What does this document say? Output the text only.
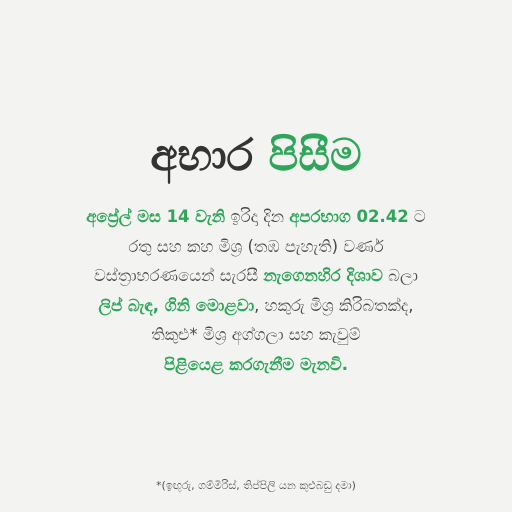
අභාර පිසීම
අප්‍රේල් මස 14 වැනි ඉරිදා දින අපරභාග 02.42 ට
රතු සහ කහ මිශ්‍ර (තඹ පැහැති) වර්ණ
වස්ත්‍රාභරණයෙන් සැරසී නැගෙනහිර දිශාව බලා
ලිප් බැඳ, ගිනි මොළවා, හකුරු මිශ්‍ර කිරිබතක්ද,
තිකුළු* මිශ්‍ර අග්ගලා සහ කැවුම්
පිළියෙළ කරගැනීම මැනවි.
*(ඉඟුරු, ගම්මිරිස්, තිප්පිලි යන කුළුබඩු දමා)
